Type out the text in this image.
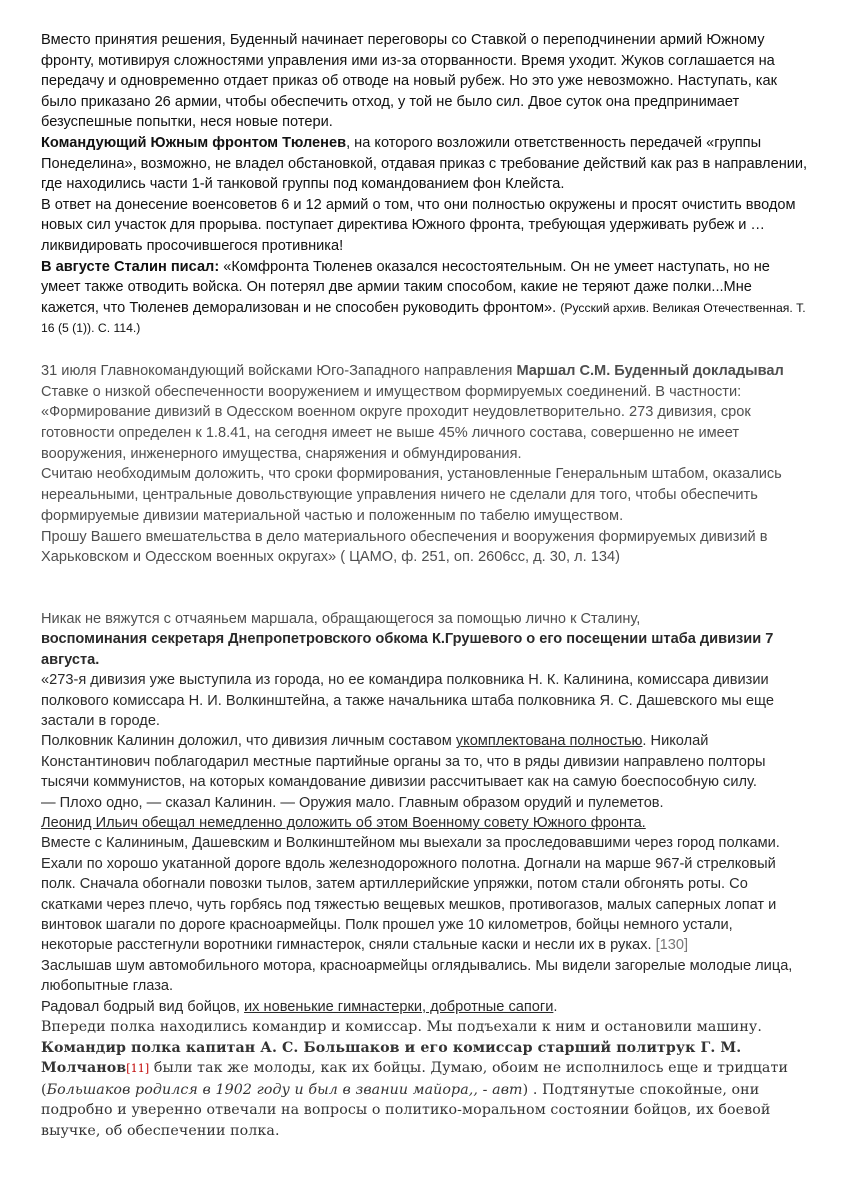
Вместо принятия решения, Буденный начинает переговоры со Ставкой о переподчинении армий Южному фронту, мотивируя сложностями управления ими из-за оторванности. Время уходит. Жуков соглашается на передачу и одновременно отдает приказ об отводе на новый рубеж. Но это уже невозможно. Наступать, как было приказано 26 армии, чтобы обеспечить отход, у той не было сил. Двое суток она предпринимает безуспешные попытки, неся новые потери.

Командующий Южным фронтом Тюленев, на которого возложили ответственность передачей «группы Понеделина», возможно, не владел обстановкой, отдавая приказ с требование действий как раз в направлении, где находились части 1-й танковой группы под командованием фон Клейста.

В ответ на донесение военсоветов 6 и 12 армий о том, что они полностью окружены и просят очистить вводом новых сил участок для прорыва. поступает директива Южного фронта, требующая удерживать рубеж и …ликвидировать просочившегося противника!

В августе Сталин писал: «Комфронта Тюленев оказался несостоятельным. Он не умеет наступать, но не умеет также отводить войска. Он потерял две армии таким способом, какие не теряют даже полки...Мне кажется, что Тюленев деморализован и не способен руководить фронтом». (Русский архив. Великая Отечественная. Т. 16 (5 (1)). С. 114.)

31 июля Главнокомандующий войсками Юго-Западного направления Маршал С.М. Буденный докладывал Ставке о низкой обеспеченности вооружением и имуществом формируемых соединений. В частности:

«Формирование дивизий в Одесском военном округе проходит неудовлетворительно. 273 дивизия, срок готовности определен к 1.8.41, на сегодня имеет не выше 45% личного состава, совершенно не имеет вооружения, инженерного имущества, снаряжения и обмундирования.

Считаю необходимым доложить, что сроки формирования, установленные Генеральным штабом, оказались нереальными, центральные довольствующие управления ничего не сделали для того, чтобы обеспечить формируемые дивизии материальной частью и положенным по табелю имуществом.

Прошу Вашего вмешательства в дело материального обеспечения и вооружения формируемых дивизий в Харьковском и Одесском военных округах» ( ЦАМО, ф. 251, оп. 2606сс, д. 30, л. 134)

Никак не вяжутся с отчаяньем маршала, обращающегося за помощью лично к Сталину,

воспоминания секретаря Днепропетровского обкома К.Грушевого о его посещении штаба дивизии 7 августа.

«273-я дивизия уже выступила из города, но ее командира полковника Н. К. Калинина, комиссара дивизии полкового комиссара Н. И. Волкинштейна, а также начальника штаба полковника Я. С. Дашевского мы еще застали в городе.

Полковник Калинин доложил, что дивизия личным составом укомплектована полностью. Николай Константинович поблагодарил местные партийные органы за то, что в ряды дивизии направлено полторы тысячи коммунистов, на которых командование дивизии рассчитывает как на самую боеспособную силу.

— Плохо одно, — сказал Калинин. — Оружия мало. Главным образом орудий и пулеметов.

Леонид Ильич обещал немедленно доложить об этом Военному совету Южного фронта.

Вместе с Калининым, Дашевским и Волкинштейном мы выехали за проследовавшими через город полками. Ехали по хорошо укатанной дороге вдоль железнодорожного полотна. Догнали на марше 967-й стрелковый полк. Сначала обогнали повозки тылов, затем артиллерийские упряжки, потом стали обгонять роты. Со скатками через плечо, чуть горбясь под тяжестью вещевых мешков, противогазов, малых саперных лопат и винтовок шагали по дороге красноармейцы. Полк прошел уже 10 километров, бойцы немного устали, некоторые расстегнули воротники гимнастерок, сняли стальные каски и несли их в руках. [130]

Заслышав шум автомобильного мотора, красноармейцы оглядывались. Мы видели загорелые молодые лица, любопытные глаза.

Радовал бодрый вид бойцов, их новенькие гимнастерки, добротные сапоги.

Впереди полка находились командир и комиссар. Мы подъехали к ним и остановили машину.

Командир полка капитан А. С. Большаков и его комиссар старший политрук Г. М. Молчанов[11] были так же молоды, как их бойцы. Думаю, обоим не исполнилось еще и тридцати (Большаков родился в 1902 году и был в звании майора,, - авт) . Подтянутые спокойные, они подробно и уверенно отвечали на вопросы о политико-моральном состоянии бойцов, их боевой выучке, об обеспечении полка.
